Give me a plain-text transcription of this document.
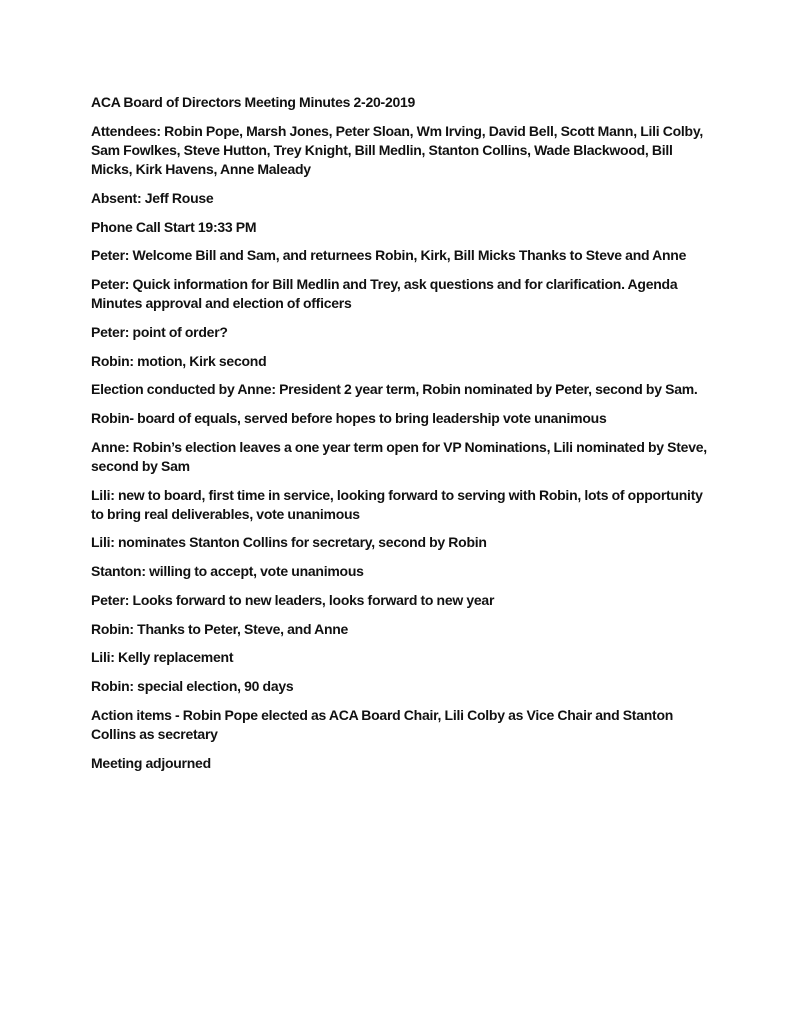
ACA Board of Directors Meeting Minutes 2-20-2019

Attendees: Robin Pope, Marsh Jones, Peter Sloan, Wm Irving, David Bell, Scott Mann, Lili Colby, Sam Fowlkes, Steve Hutton, Trey Knight, Bill Medlin, Stanton Collins, Wade Blackwood, Bill Micks, Kirk Havens, Anne Maleady

Absent: Jeff Rouse

Phone Call Start 19:33 PM

Peter: Welcome Bill and Sam, and returnees Robin, Kirk, Bill Micks Thanks to Steve and Anne

Peter: Quick information for Bill Medlin and Trey, ask questions and for clarification. Agenda Minutes approval and election of officers

Peter: point of order?

Robin: motion, Kirk second

Election conducted by Anne: President 2 year term, Robin nominated by Peter, second by Sam.

Robin- board of equals, served before hopes to bring leadership vote unanimous

Anne: Robin’s election leaves a one year term open for VP Nominations, Lili nominated by Steve, second by Sam

Lili: new to board, first time in service, looking forward to serving with Robin, lots of opportunity to bring real deliverables, vote unanimous

Lili: nominates Stanton Collins for secretary, second by Robin

Stanton: willing to accept, vote unanimous

Peter: Looks forward to new leaders, looks forward to new year

Robin: Thanks to Peter, Steve, and Anne

Lili: Kelly replacement

Robin: special election, 90 days

Action items - Robin Pope elected as ACA Board Chair, Lili Colby as Vice Chair and Stanton Collins as secretary

Meeting adjourned
